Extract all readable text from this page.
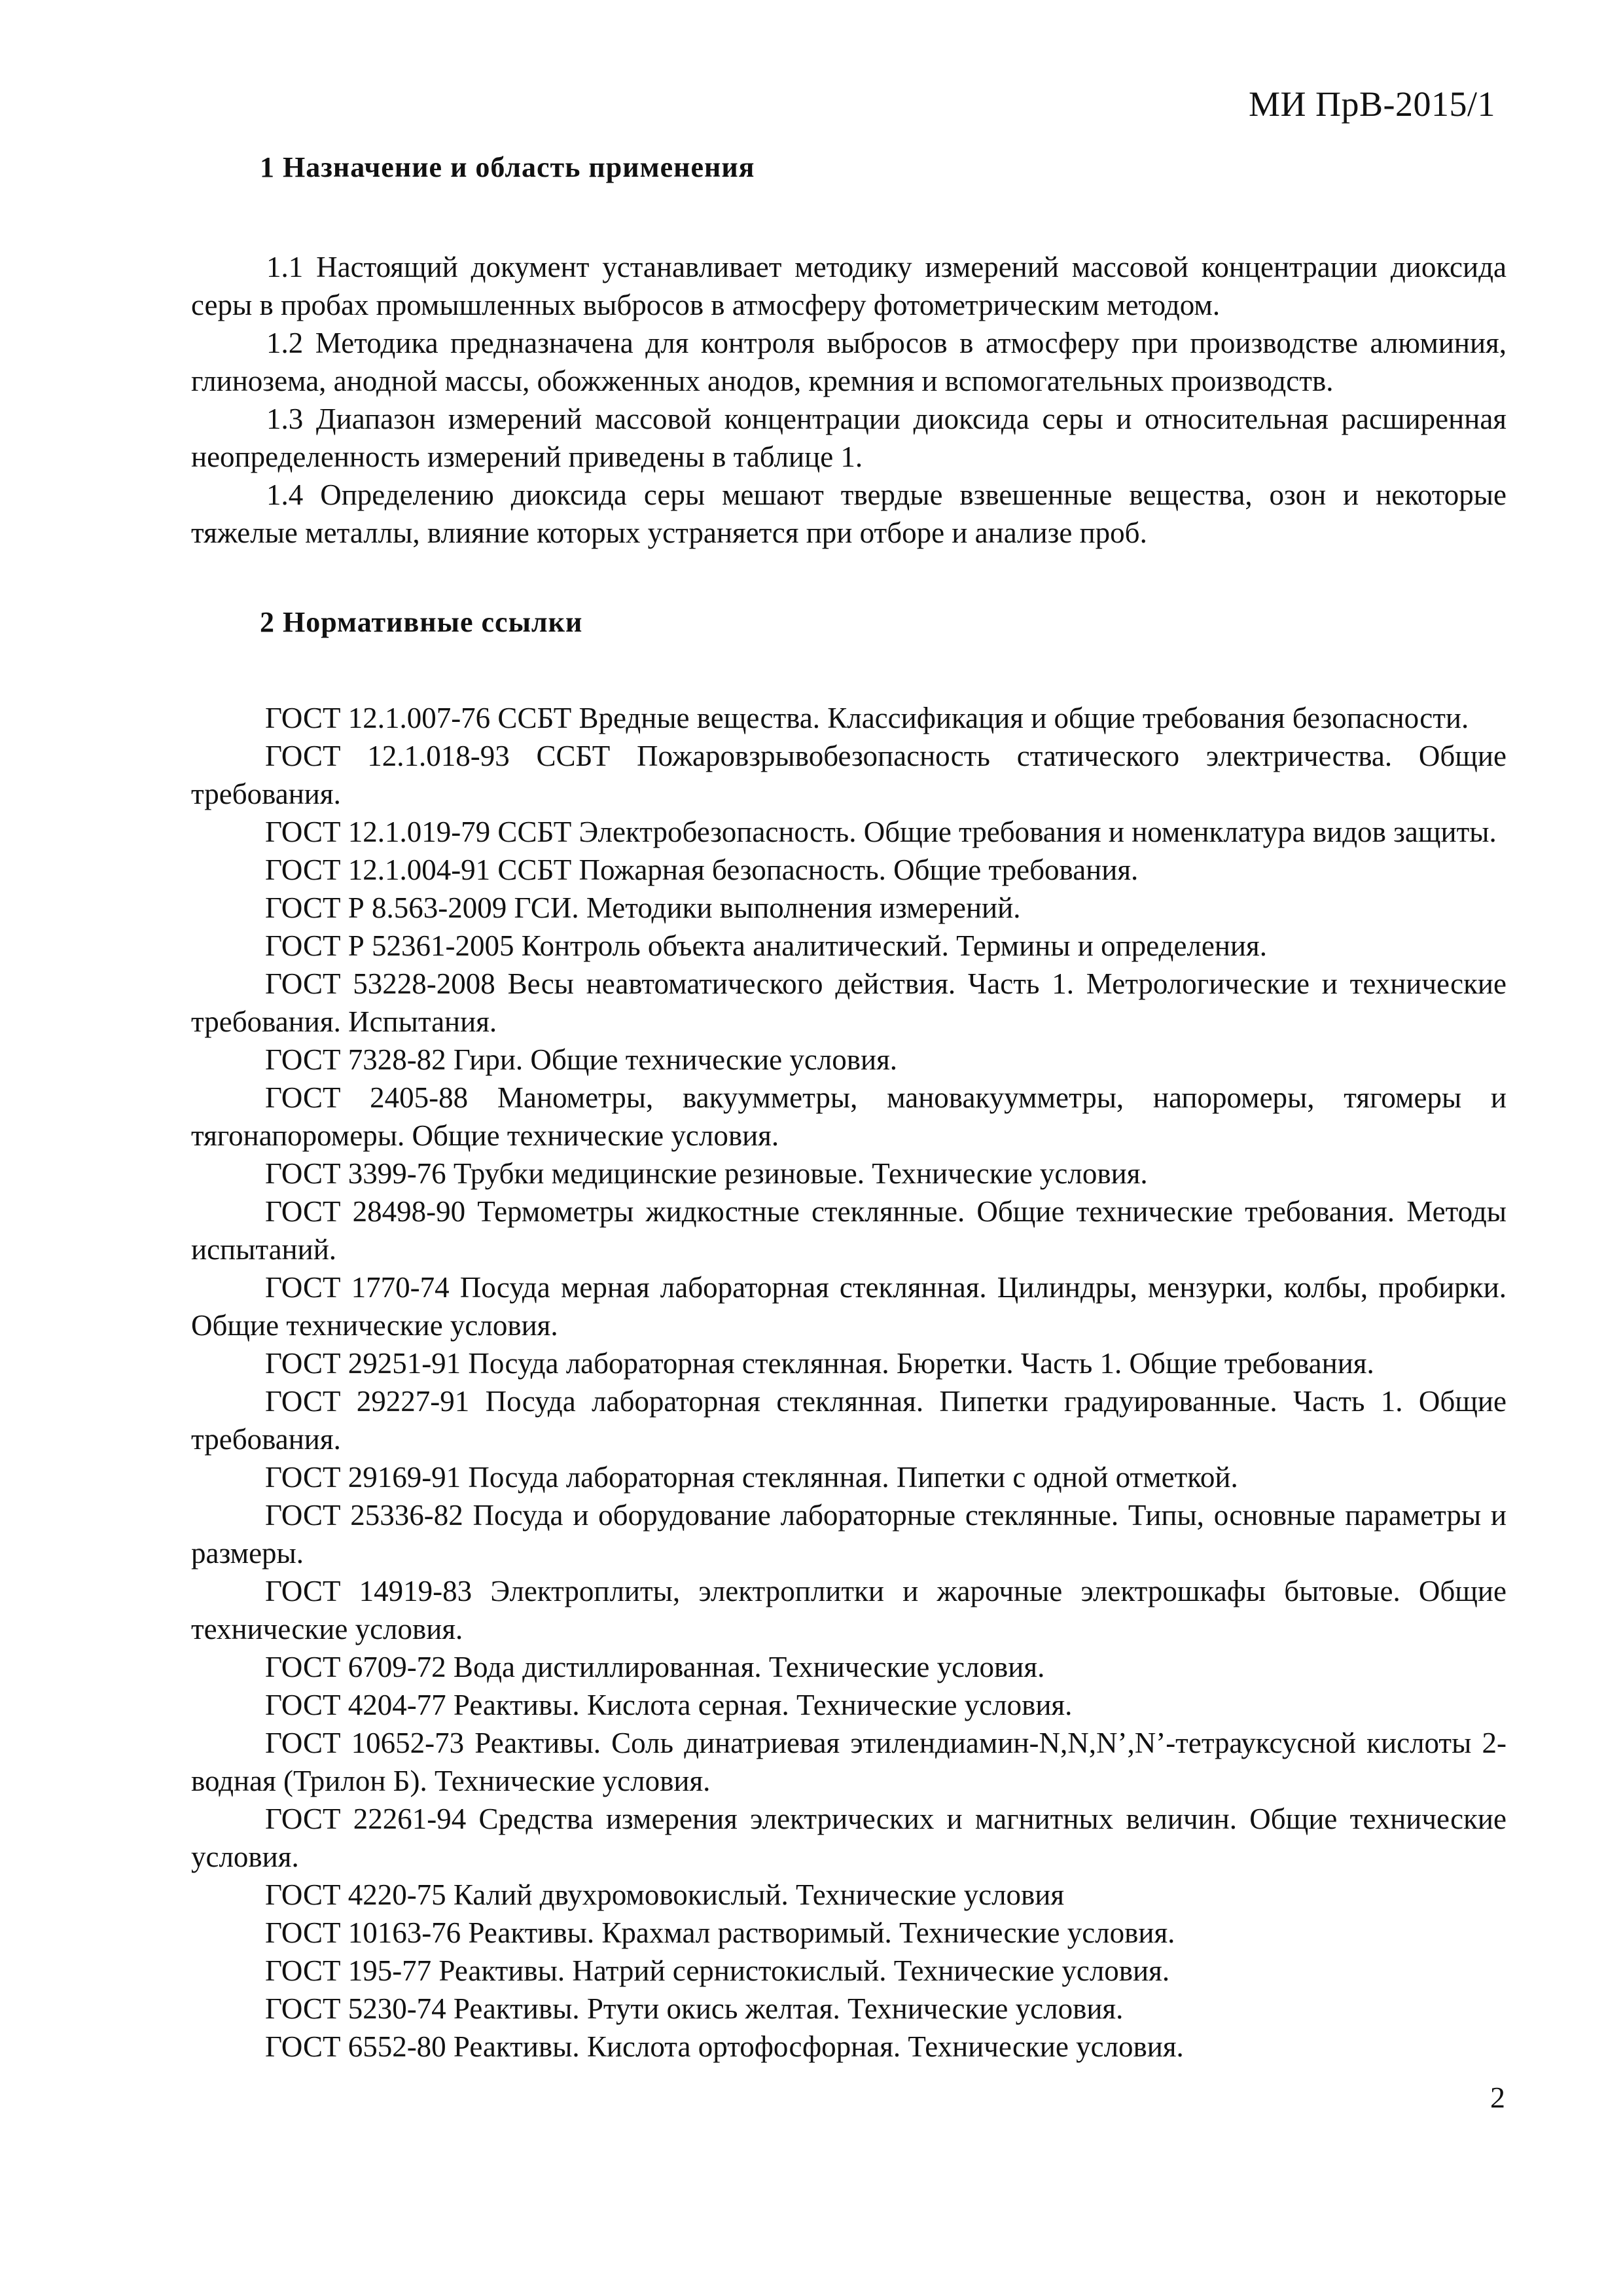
МИ ПрВ-2015/1
1 Назначение и область применения

1.1 Настоящий документ устанавливает методику измерений массовой концентрации диоксида серы в пробах промышленных выбросов в атмосферу фотометрическим методом.

1.2 Методика предназначена для контроля выбросов в атмосферу при производстве алюминия, глинозема, анодной массы, обожженных анодов, кремния и вспомогательных производств.

1.3 Диапазон измерений массовой концентрации диоксида серы и относительная расширенная неопределенность измерений приведены в таблице 1.

1.4 Определению диоксида серы мешают твердые взвешенные вещества, озон и некоторые тяжелые металлы, влияние которых устраняется при отборе и анализе проб.

2 Нормативные ссылки

ГОСТ 12.1.007-76 ССБТ Вредные вещества. Классификация и общие требования безопасности.

ГОСТ 12.1.018-93 ССБТ Пожаровзрывобезопасность статического электричества. Общие требования.

ГОСТ 12.1.019-79 ССБТ Электробезопасность. Общие требования и номенклатура видов защиты.

ГОСТ 12.1.004-91 ССБТ Пожарная безопасность. Общие требования.

ГОСТ Р 8.563-2009 ГСИ. Методики выполнения измерений.

ГОСТ Р 52361-2005 Контроль объекта аналитический. Термины и определения.

ГОСТ 53228-2008 Весы неавтоматического действия. Часть 1. Метрологические и технические требования. Испытания.

ГОСТ 7328-82 Гири. Общие технические условия.

ГОСТ 2405-88 Манометры, вакуумметры, мановакуумметры, напоромеры, тягомеры и тягонапоромеры. Общие технические условия.

ГОСТ 3399-76 Трубки медицинские резиновые. Технические условия.

ГОСТ 28498-90 Термометры жидкостные стеклянные. Общие технические требования. Методы испытаний.

ГОСТ 1770-74 Посуда мерная лабораторная стеклянная. Цилиндры, мензурки, колбы, пробирки. Общие технические условия.

ГОСТ 29251-91 Посуда лабораторная стеклянная. Бюретки. Часть 1. Общие требования.

ГОСТ 29227-91 Посуда лабораторная стеклянная. Пипетки градуированные. Часть 1. Общие требования.

ГОСТ 29169-91 Посуда лабораторная стеклянная. Пипетки с одной отметкой.

ГОСТ 25336-82 Посуда и оборудование лабораторные стеклянные. Типы, основные параметры и размеры.

ГОСТ 14919-83 Электроплиты, электроплитки и жарочные электрошкафы бытовые. Общие технические условия.

ГОСТ 6709-72 Вода дистиллированная. Технические условия.

ГОСТ 4204-77 Реактивы. Кислота серная. Технические условия.

ГОСТ 10652-73 Реактивы. Соль динатриевая этилендиамин-N,N,N’,N’-тетрауксусной кислоты 2-водная (Трилон Б). Технические условия.

ГОСТ 22261-94 Средства измерения электрических и магнитных величин. Общие технические условия.

ГОСТ 4220-75 Калий двухромовокислый. Технические условия

ГОСТ 10163-76 Реактивы. Крахмал растворимый. Технические условия.

ГОСТ 195-77 Реактивы. Натрий сернистокислый. Технические условия.

ГОСТ 5230-74 Реактивы. Ртути окись желтая. Технические условия.

ГОСТ 6552-80 Реактивы. Кислота ортофосфорная. Технические условия.

2
